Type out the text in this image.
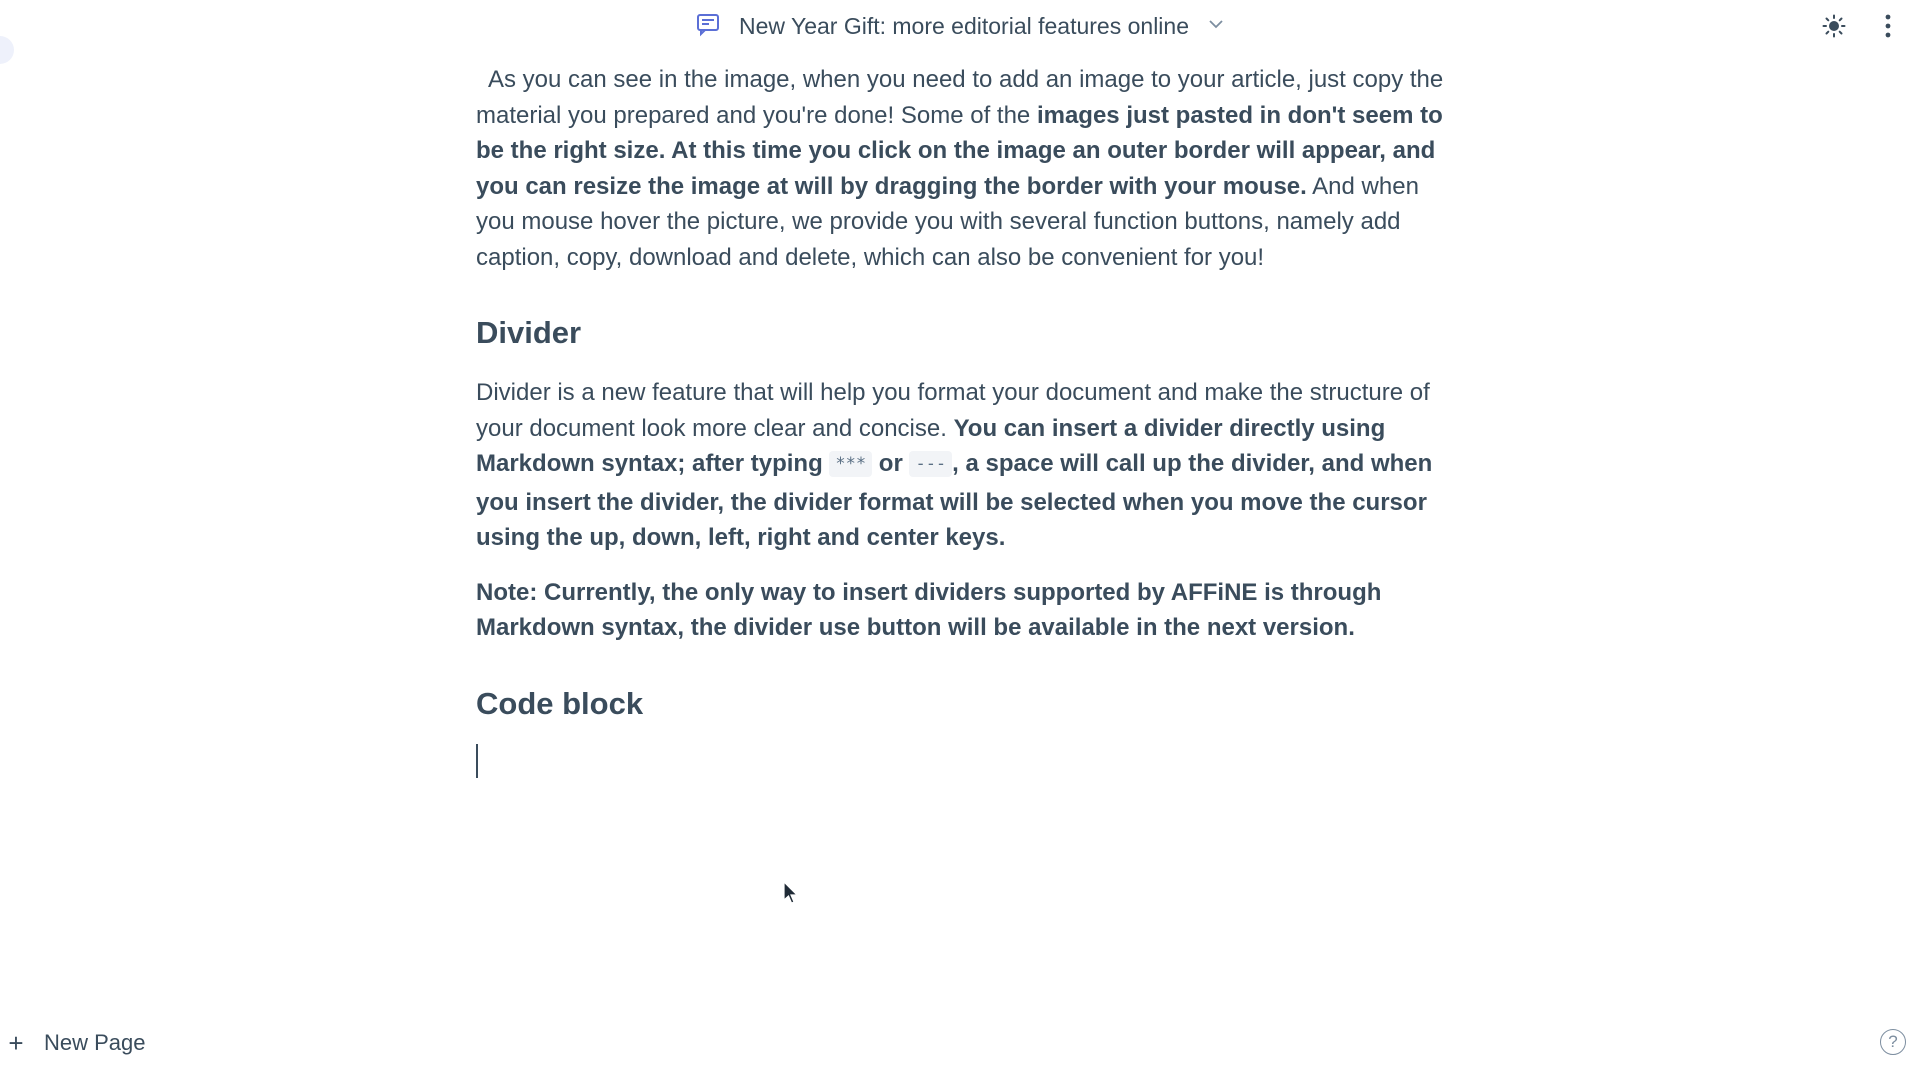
New Year Gift: more editorial features online

As you can see in the image, when you need to add an image to your article, just copy the material you prepared and you're done! Some of the images just pasted in don't seem to be the right size. At this time you click on the image an outer border will appear, and you can resize the image at will by dragging the border with your mouse. And when you mouse hover the picture, we provide you with several function buttons, namely add caption, copy, download and delete, which can also be convenient for you!

Divider

Divider is a new feature that will help you format your document and make the structure of your document look more clear and concise. You can insert a divider directly using Markdown syntax; after typing *** or --- , a space will call up the divider, and when you insert the divider, the divider format will be selected when you move the cursor using the up, down, left, right and center keys.

Note: Currently, the only way to insert dividers supported by AFFiNE is through Markdown syntax, the divider use button will be available in the next version.

Code block
+ New Page	?
